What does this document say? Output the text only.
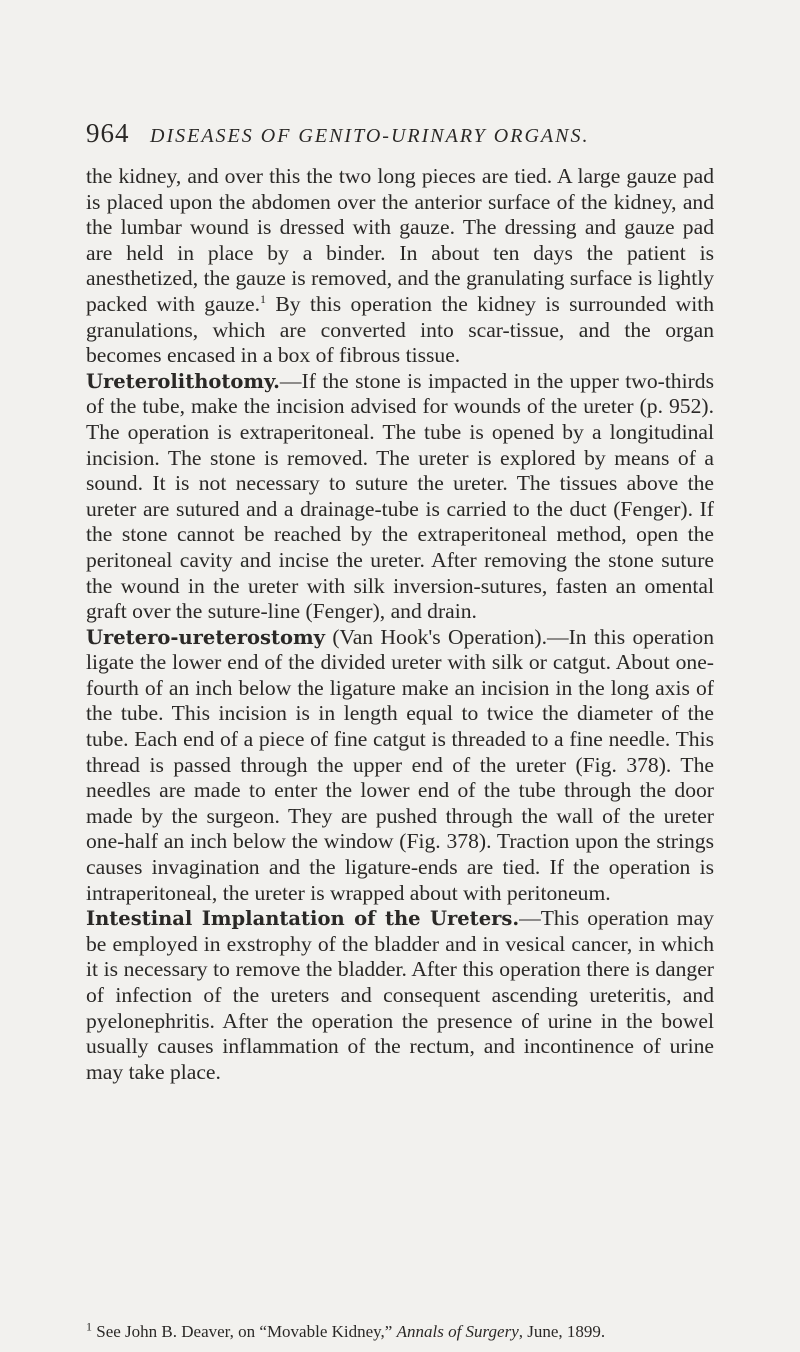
964 DISEASES OF GENITO-URINARY ORGANS.

the kidney, and over this the two long pieces are tied. A large gauze pad is placed upon the abdomen over the anterior surface of the kidney, and the lumbar wound is dressed with gauze. The dressing and gauze pad are held in place by a binder. In about ten days the patient is anesthetized, the gauze is removed, and the granulating surface is lightly packed with gauze.$^1$ By this operation the kidney is surrounded with granulations, which are converted into scar-tissue, and the organ becomes encased in a box of fibrous tissue.

Ureterolithotomy.—If the stone is impacted in the upper two-thirds of the tube, make the incision advised for wounds of the ureter (p. 952). The operation is extraperitoneal. The tube is opened by a longitudinal incision. The stone is removed. The ureter is explored by means of a sound. It is not necessary to suture the ureter. The tissues above the ureter are sutured and a drainage-tube is carried to the duct (Fenger). If the stone cannot be reached by the extraperitoneal method, open the peritoneal cavity and incise the ureter. After removing the stone suture the wound in the ureter with silk inversion-sutures, fasten an omental graft over the suture-line (Fenger), and drain.

Uretero-ureterostomy (Van Hook's Operation).—In this operation ligate the lower end of the divided ureter with silk or catgut. About one-fourth of an inch below the ligature make an incision in the long axis of the tube. This incision is in length equal to twice the diameter of the tube. Each end of a piece of fine catgut is threaded to a fine needle. This thread is passed through the upper end of the ureter (Fig. 378). The needles are made to enter the lower end of the tube through the door made by the surgeon. They are pushed through the wall of the ureter one-half an inch below the window (Fig. 378). Traction upon the strings causes invagination and the ligature-ends are tied. If the operation is intraperitoneal, the ureter is wrapped about with peritoneum.

Intestinal Implantation of the Ureters.—This operation may be employed in exstrophy of the bladder and in vesical cancer, in which it is necessary to remove the bladder. After this operation there is danger of infection of the ureters and consequent ascending ureteritis, and pyelonephritis. After the operation the presence of urine in the bowel usually causes inflammation of the rectum, and incontinence of urine may take place.

$^1$ See John B. Deaver, on “Movable Kidney,” Annals of Surgery, June, 1899.
